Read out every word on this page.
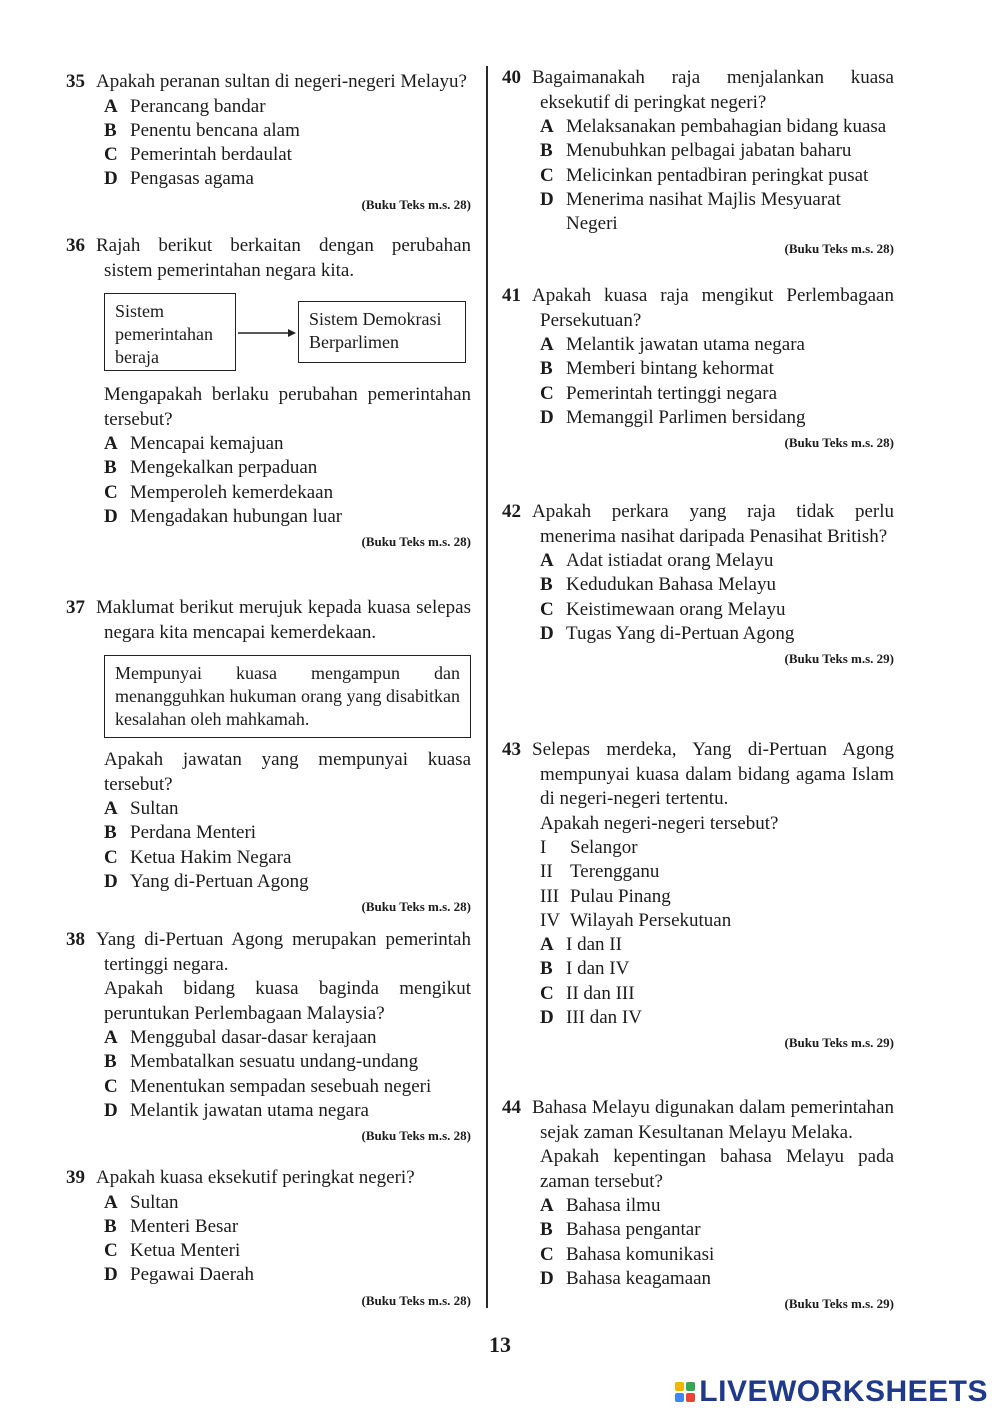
35 Apakah peranan sultan di negeri-negeri Melayu?
A Perancang bandar
B Penentu bencana alam
C Pemerintah berdaulat
D Pengasas agama
(Buku Teks m.s. 28)
36 Rajah berikut berkaitan dengan perubahan sistem pemerintahan negara kita.
Sistem pemerintahan beraja
Sistem Demokrasi Berparlimen
Mengapakah berlaku perubahan pemerintahan tersebut?
A Mencapai kemajuan
B Mengekalkan perpaduan
C Memperoleh kemerdekaan
D Mengadakan hubungan luar
(Buku Teks m.s. 28)
37 Maklumat berikut merujuk kepada kuasa selepas negara kita mencapai kemerdekaan.
Mempunyai kuasa mengampun dan menangguhkan hukuman orang yang disabitkan kesalahan oleh mahkamah.
Apakah jawatan yang mempunyai kuasa tersebut?
A Sultan
B Perdana Menteri
C Ketua Hakim Negara
D Yang di-Pertuan Agong
(Buku Teks m.s. 28)
38 Yang di-Pertuan Agong merupakan pemerintah tertinggi negara.
Apakah bidang kuasa baginda mengikut peruntukan Perlembagaan Malaysia?
A Menggubal dasar-dasar kerajaan
B Membatalkan sesuatu undang-undang
C Menentukan sempadan sesebuah negeri
D Melantik jawatan utama negara
(Buku Teks m.s. 28)
39 Apakah kuasa eksekutif peringkat negeri?
A Sultan
B Menteri Besar
C Ketua Menteri
D Pegawai Daerah
(Buku Teks m.s. 28)
40 Bagaimanakah raja menjalankan kuasa eksekutif di peringkat negeri?
A Melaksanakan pembahagian bidang kuasa
B Menubuhkan pelbagai jabatan baharu
C Melicinkan pentadbiran peringkat pusat
D Menerima nasihat Majlis Mesyuarat Negeri
(Buku Teks m.s. 28)
41 Apakah kuasa raja mengikut Perlembagaan Persekutuan?
A Melantik jawatan utama negara
B Memberi bintang kehormat
C Pemerintah tertinggi negara
D Memanggil Parlimen bersidang
(Buku Teks m.s. 28)
42 Apakah perkara yang raja tidak perlu menerima nasihat daripada Penasihat British?
A Adat istiadat orang Melayu
B Kedudukan Bahasa Melayu
C Keistimewaan orang Melayu
D Tugas Yang di-Pertuan Agong
(Buku Teks m.s. 29)
43 Selepas merdeka, Yang di-Pertuan Agong mempunyai kuasa dalam bidang agama Islam di negeri-negeri tertentu.
Apakah negeri-negeri tersebut?
I	Selangor
II Terengganu
III Pulau Pinang
IV Wilayah Persekutuan
A I dan II
B I dan IV
C II dan III
D III dan IV
(Buku Teks m.s. 29)
44 Bahasa Melayu digunakan dalam pemerintahan sejak zaman Kesultanan Melayu Melaka.
Apakah kepentingan bahasa Melayu pada zaman tersebut?
A Bahasa ilmu
B Bahasa pengantar
C Bahasa komunikasi
D Bahasa keagamaan
(Buku Teks m.s. 29)
13
LIVEWORKSHEETS
